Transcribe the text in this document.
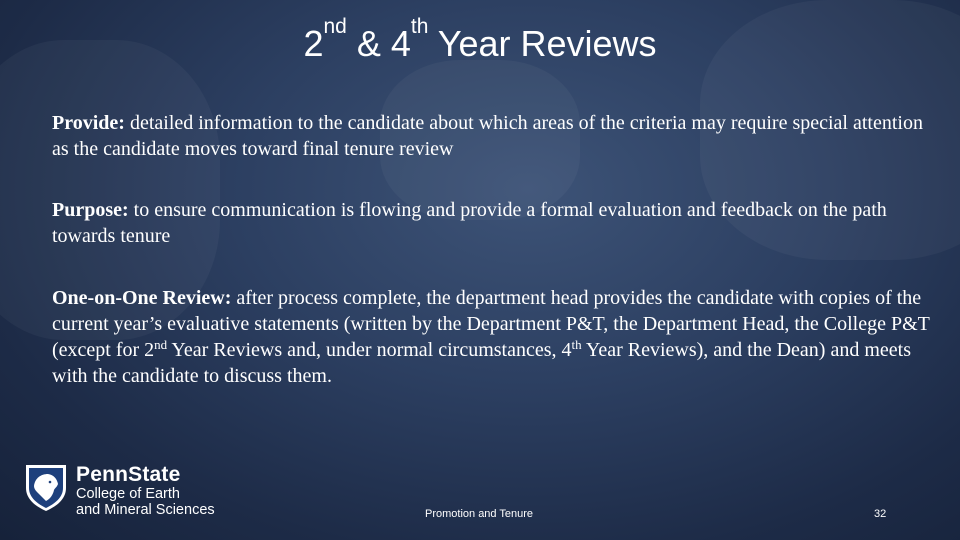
2nd & 4th Year Reviews
Provide: detailed information to the candidate about which areas of the criteria may require special attention as the candidate moves toward final tenure review
Purpose: to ensure communication is flowing and provide a formal evaluation and feedback on the path towards tenure
One-on-One Review: after process complete, the department head provides the candidate with copies of the current year’s evaluative statements (written by the Department P&T, the Department Head, the College P&T (except for 2nd Year Reviews and, under normal circumstances, 4th Year Reviews), and the Dean) and meets with the candidate to discuss them.
PennState
College of Earth
and Mineral Sciences	Promotion and Tenure	32
